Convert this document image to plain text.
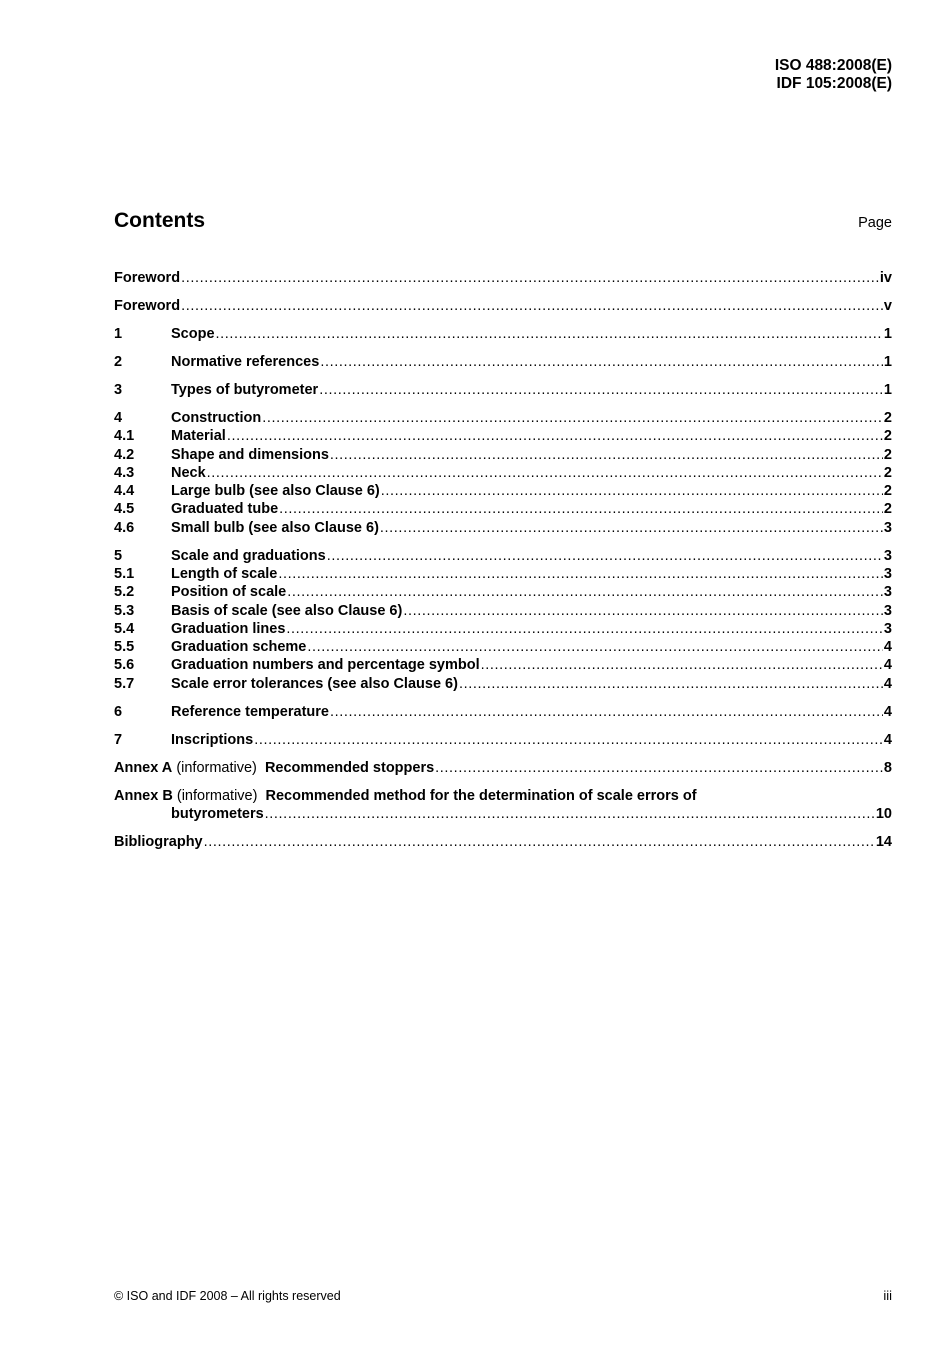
ISO 488:2008(E)
IDF 105:2008(E)
Contents	Page
Foreword .....	iv
Foreword .....	v
1	Scope .....	1
2	Normative references .....	1
3	Types of butyrometer .....	1
4	Construction .....	2
4.1	Material .....	2
4.2	Shape and dimensions .....	2
4.3	Neck .....	2
4.4	Large bulb (see also Clause 6) .....	2
4.5	Graduated tube .....	2
4.6	Small bulb (see also Clause 6) .....	3
5	Scale and graduations .....	3
5.1	Length of scale .....	3
5.2	Position of scale .....	3
5.3	Basis of scale (see also Clause 6) .....	3
5.4	Graduation lines .....	3
5.5	Graduation scheme .....	4
5.6	Graduation numbers and percentage symbol .....	4
5.7	Scale error tolerances (see also Clause 6) .....	4
6	Reference temperature .....	4
7	Inscriptions .....	4
Annex A (informative) Recommended stoppers .....	8
Annex B (informative) Recommended method for the determination of scale errors of
butyrometers .....	10
Bibliography .....	14
© ISO and IDF 2008 – All rights reserved	iii
